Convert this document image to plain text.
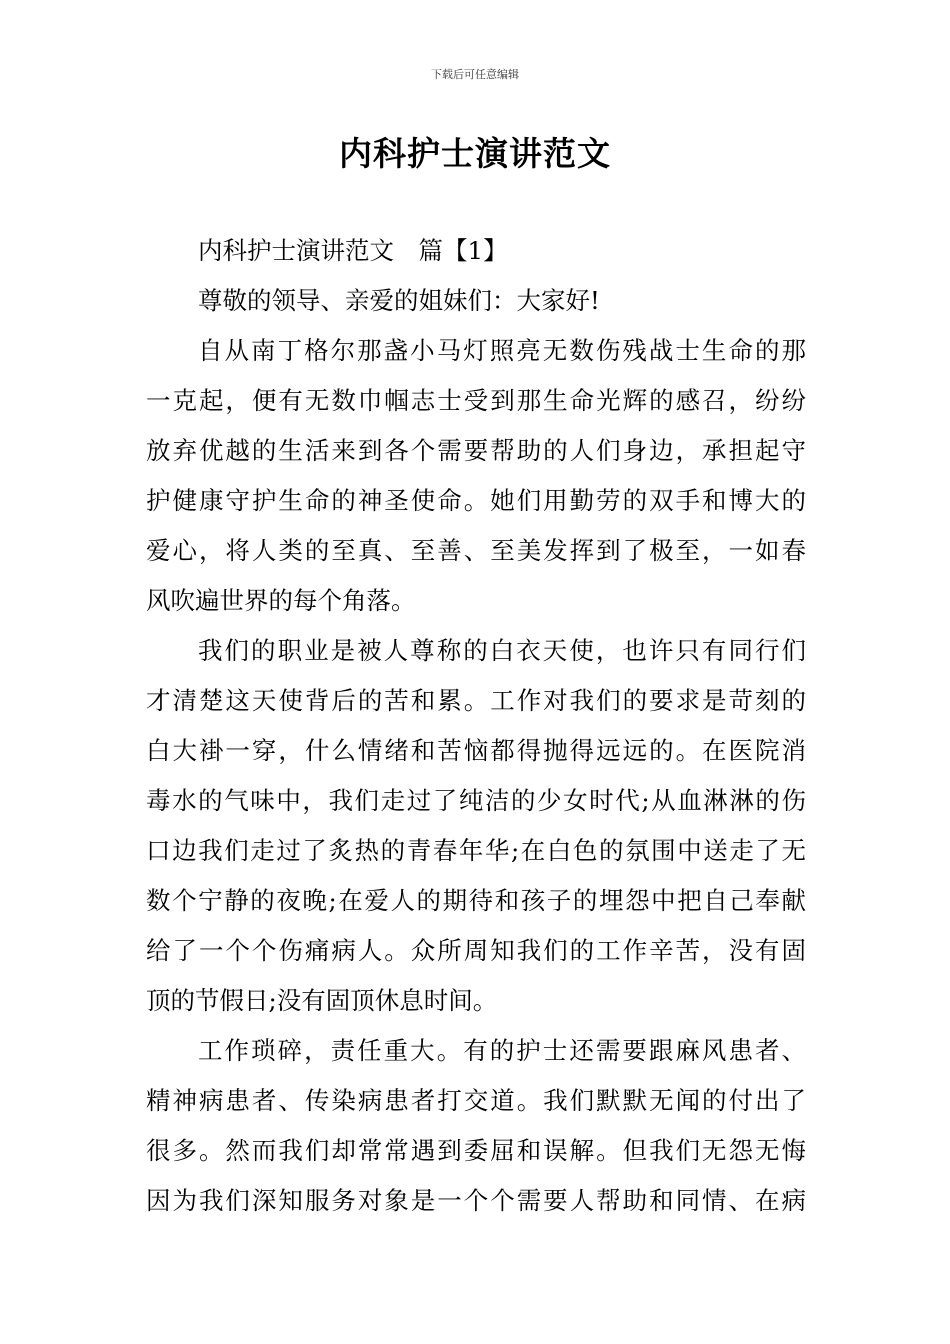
下载后可任意编辑
内科护士演讲范文
内科护士演讲范文　篇【1】
尊敬的领导、亲爱的姐妹们：大家好!
自从南丁格尔那盏小马灯照亮无数伤残战士生命的那
一克起，便有无数巾帼志士受到那生命光辉的感召，纷纷
放弃优越的生活来到各个需要帮助的人们身边，承担起守
护健康守护生命的神圣使命。她们用勤劳的双手和博大的
爱心，将人类的至真、至善、至美发挥到了极至，一如春
风吹遍世界的每个角落。
我们的职业是被人尊称的白衣天使，也许只有同行们
才清楚这天使背后的苦和累。工作对我们的要求是苛刻的
白大褂一穿，什么情绪和苦恼都得抛得远远的。在医院消
毒水的气味中，我们走过了纯洁的少女时代;从血淋淋的伤
口边我们走过了炙热的青春年华;在白色的氛围中送走了无
数个宁静的夜晚;在爱人的期待和孩子的埋怨中把自己奉献
给了一个个伤痛病人。众所周知我们的工作辛苦，没有固
顶的节假日;没有固顶休息时间。
工作琐碎，责任重大。有的护士还需要跟麻风患者、
精神病患者、传染病患者打交道。我们默默无闻的付出了
很多。然而我们却常常遇到委屈和误解。但我们无怨无悔
因为我们深知服务对象是一个个需要人帮助和同情、在病
